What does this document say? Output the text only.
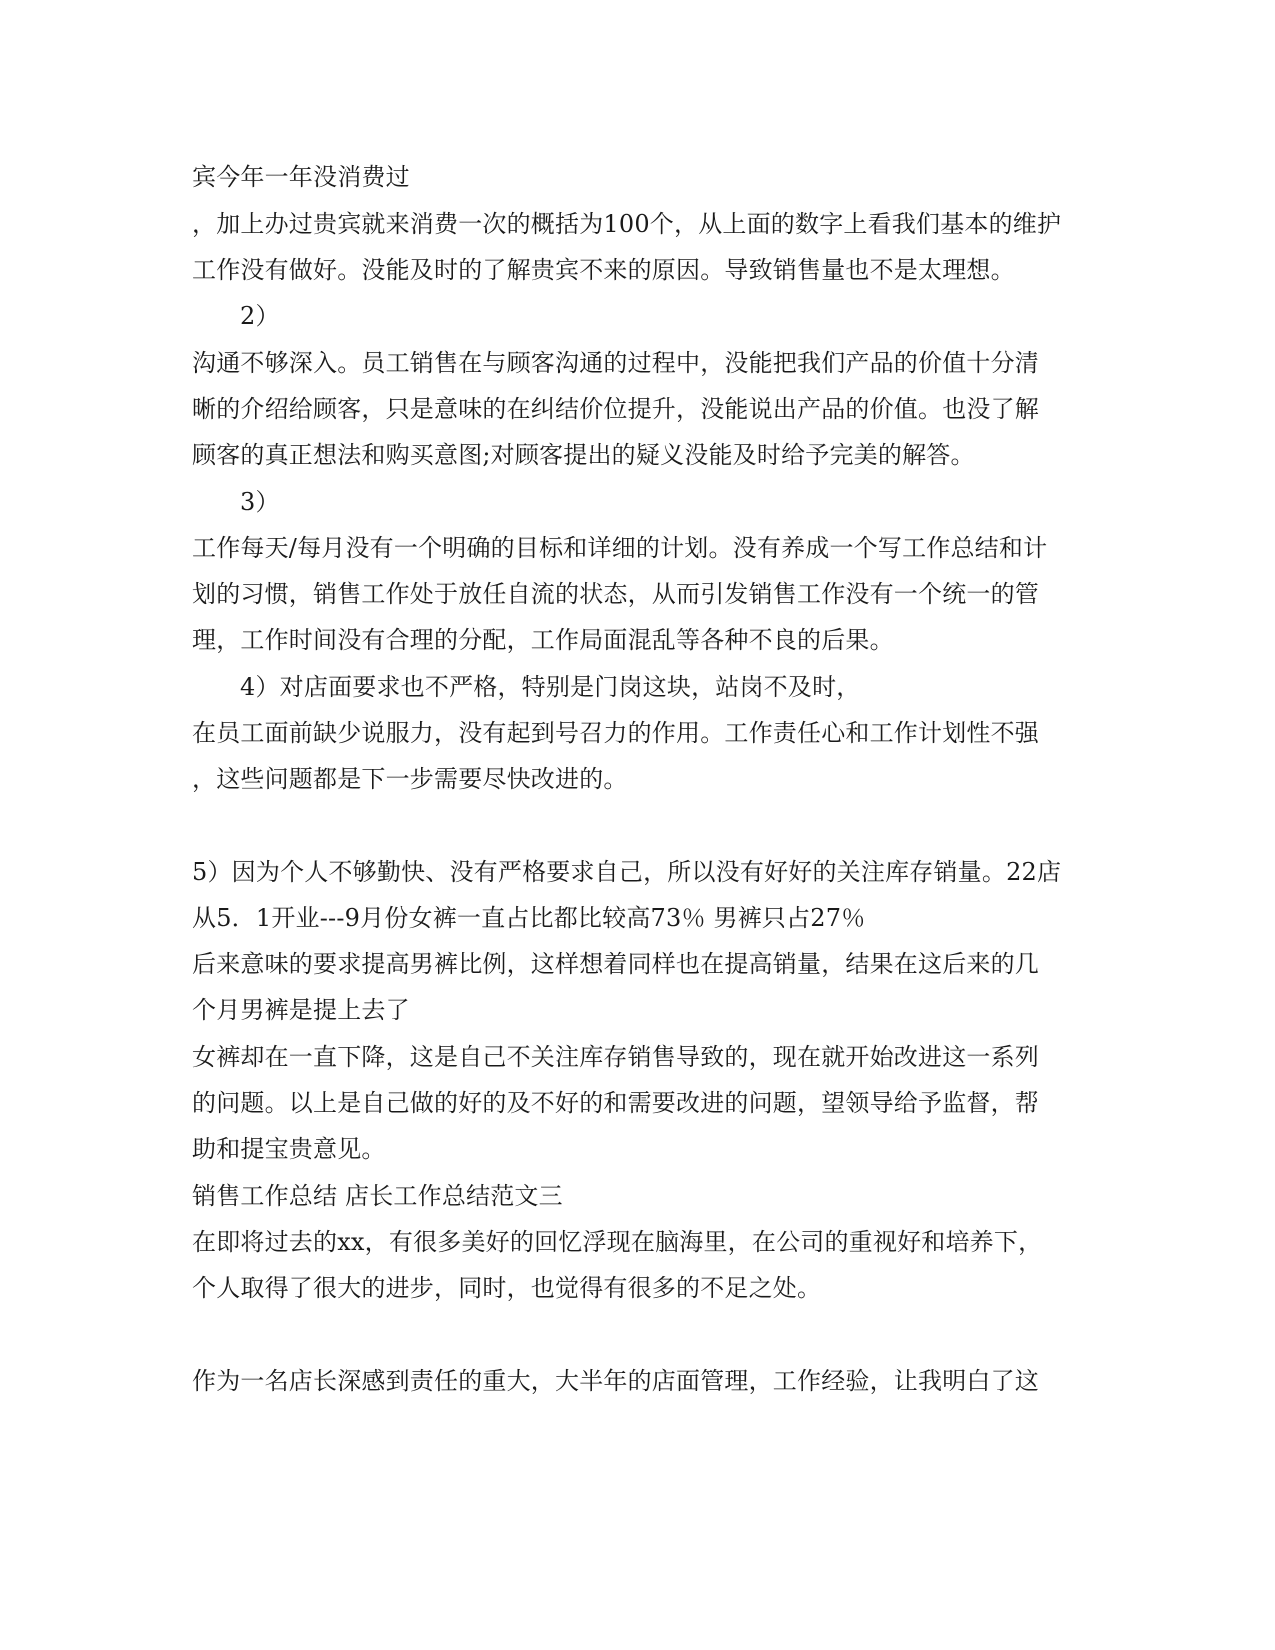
宾今年一年没消费过
，加上办过贵宾就来消费一次的概括为100个，从上面的数字上看我们基本的维护
工作没有做好。没能及时的了解贵宾不来的原因。导致销售量也不是太理想。
2）
沟通不够深入。员工销售在与顾客沟通的过程中，没能把我们产品的价值十分清
晰的介绍给顾客，只是意味的在纠结价位提升，没能说出产品的价值。也没了解
顾客的真正想法和购买意图;对顾客提出的疑义没能及时给予完美的解答。
3）
工作每天/每月没有一个明确的目标和详细的计划。没有养成一个写工作总结和计
划的习惯，销售工作处于放任自流的状态，从而引发销售工作没有一个统一的管
理，工作时间没有合理的分配，工作局面混乱等各种不良的后果。
4）对店面要求也不严格，特别是门岗这块，站岗不及时，
在员工面前缺少说服力，没有起到号召力的作用。工作责任心和工作计划性不强
，这些问题都是下一步需要尽快改进的。
5）因为个人不够勤快、没有严格要求自己，所以没有好好的关注库存销量。22店
从5．1开业---9月份女裤一直占比都比较高73％ 男裤只占27％
后来意味的要求提高男裤比例，这样想着同样也在提高销量，结果在这后来的几
个月男裤是提上去了
女裤却在一直下降，这是自己不关注库存销售导致的，现在就开始改进这一系列
的问题。以上是自己做的好的及不好的和需要改进的问题，望领导给予监督，帮
助和提宝贵意见。
销售工作总结 店长工作总结范文三
在即将过去的xx，有很多美好的回忆浮现在脑海里，在公司的重视好和培养下，
个人取得了很大的进步，同时，也觉得有很多的不足之处。
作为一名店长深感到责任的重大，大半年的店面管理，工作经验，让我明白了这
